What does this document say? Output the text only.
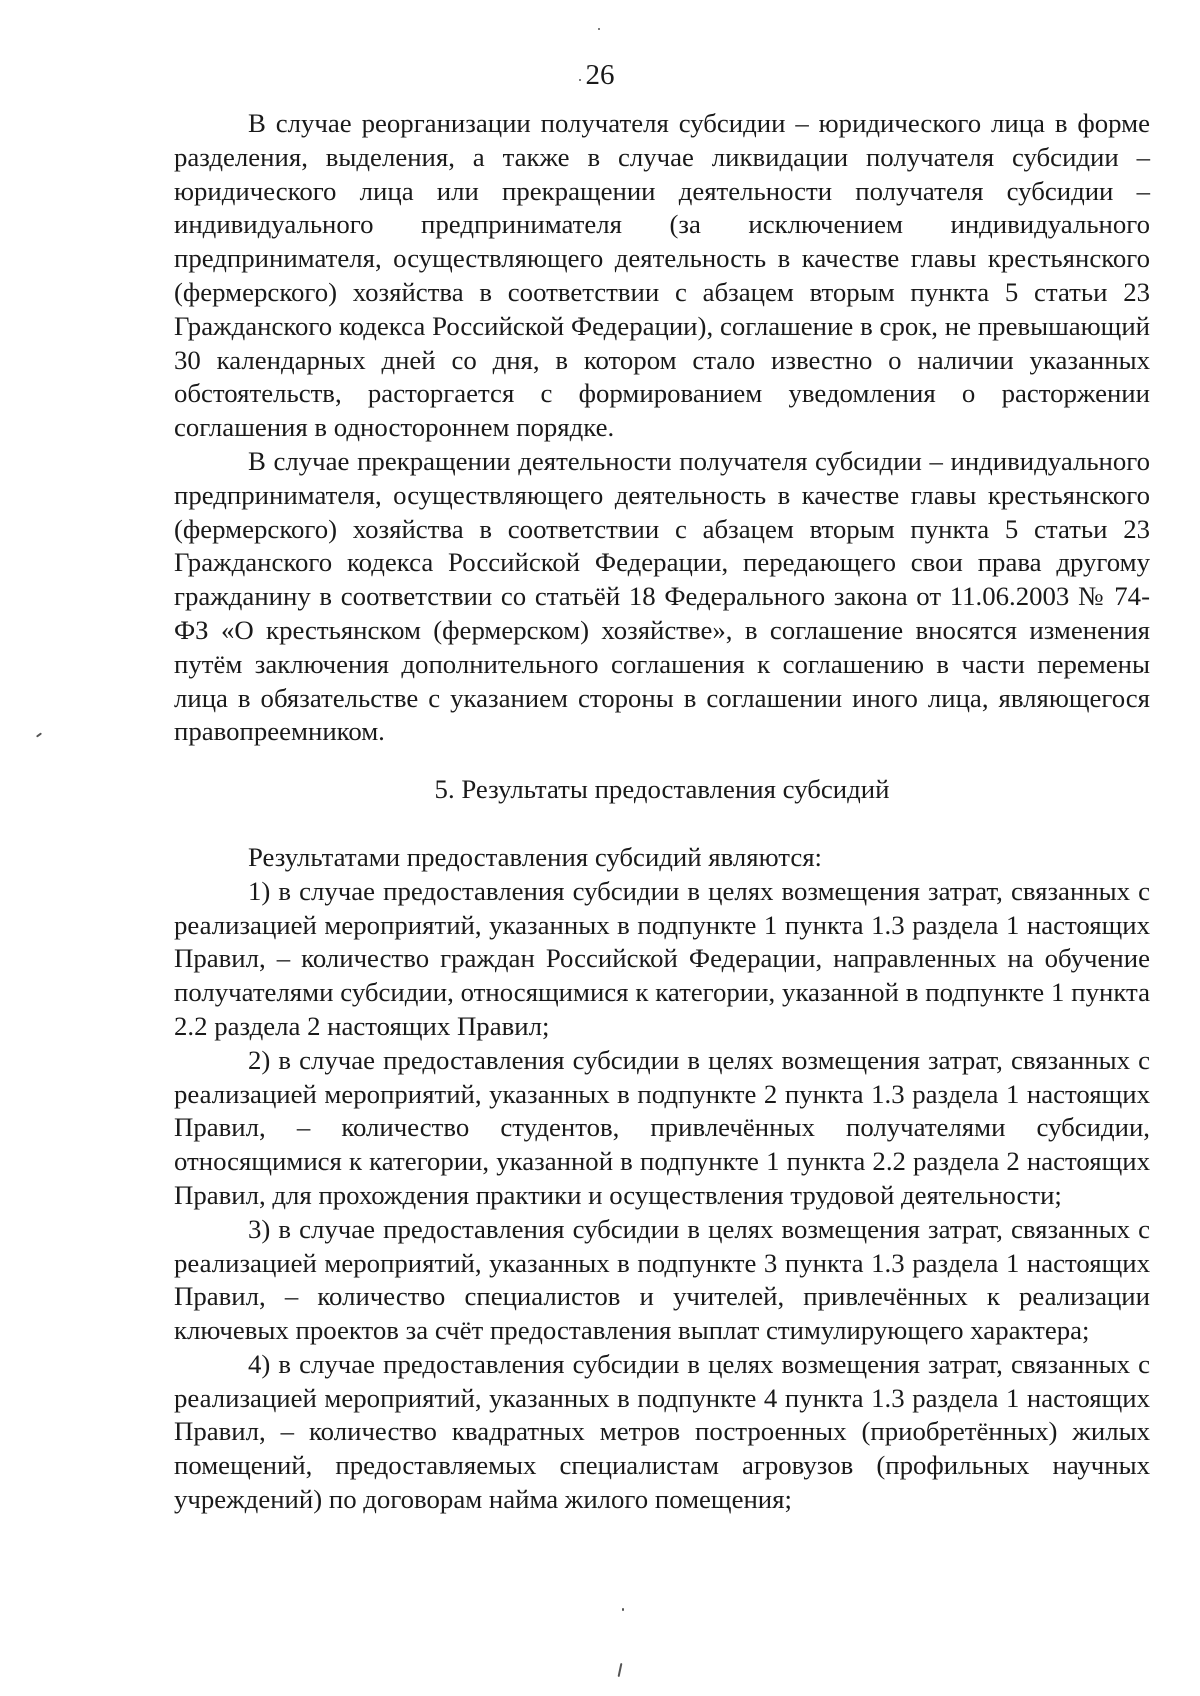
26

В случае реорганизации получателя субсидии – юридического лица в форме разделения, выделения, а также в случае ликвидации получателя субсидии – юридического лица или прекращении деятельности получателя субсидии – индивидуального предпринимателя (за исключением индивидуального предпринимателя, осуществляющего деятельность в качестве главы крестьянского (фермерского) хозяйства в соответствии с абзацем вторым пункта 5 статьи 23 Гражданского кодекса Российской Федерации), соглашение в срок, не превышающий 30 календарных дней со дня, в котором стало известно о наличии указанных обстоятельств, расторгается с формированием уведомления о расторжении соглашения в одностороннем порядке.

В случае прекращении деятельности получателя субсидии – индивидуального предпринимателя, осуществляющего деятельность в качестве главы крестьянского (фермерского) хозяйства в соответствии с абзацем вторым пункта 5 статьи 23 Гражданского кодекса Российской Федерации, передающего свои права другому гражданину в соответствии со статьёй 18 Федерального закона от 11.06.2003 № 74-ФЗ «О крестьянском (фермерском) хозяйстве», в соглашение вносятся изменения путём заключения дополнительного соглашения к соглашению в части перемены лица в обязательстве с указанием стороны в соглашении иного лица, являющегося правопреемником.

5. Результаты предоставления субсидий

Результатами предоставления субсидий являются:

1) в случае предоставления субсидии в целях возмещения затрат, связанных с реализацией мероприятий, указанных в подпункте 1 пункта 1.3 раздела 1 настоящих Правил, – количество граждан Российской Федерации, направленных на обучение получателями субсидии, относящимися к категории, указанной в подпункте 1 пункта 2.2 раздела 2 настоящих Правил;

2) в случае предоставления субсидии в целях возмещения затрат, связанных с реализацией мероприятий, указанных в подпункте 2 пункта 1.3 раздела 1 настоящих Правил, – количество студентов, привлечённых получателями субсидии, относящимися к категории, указанной в подпункте 1 пункта 2.2 раздела 2 настоящих Правил, для прохождения практики и осуществления трудовой деятельности;

3) в случае предоставления субсидии в целях возмещения затрат, связанных с реализацией мероприятий, указанных в подпункте 3 пункта 1.3 раздела 1 настоящих Правил, – количество специалистов и учителей, привлечённых к реализации ключевых проектов за счёт предоставления выплат стимулирующего характера;

4) в случае предоставления субсидии в целях возмещения затрат, связанных с реализацией мероприятий, указанных в подпункте 4 пункта 1.3 раздела 1 настоящих Правил, – количество квадратных метров построенных (приобретённых) жилых помещений, предоставляемых специалистам агровузов (профильных научных учреждений) по договорам найма жилого помещения;
